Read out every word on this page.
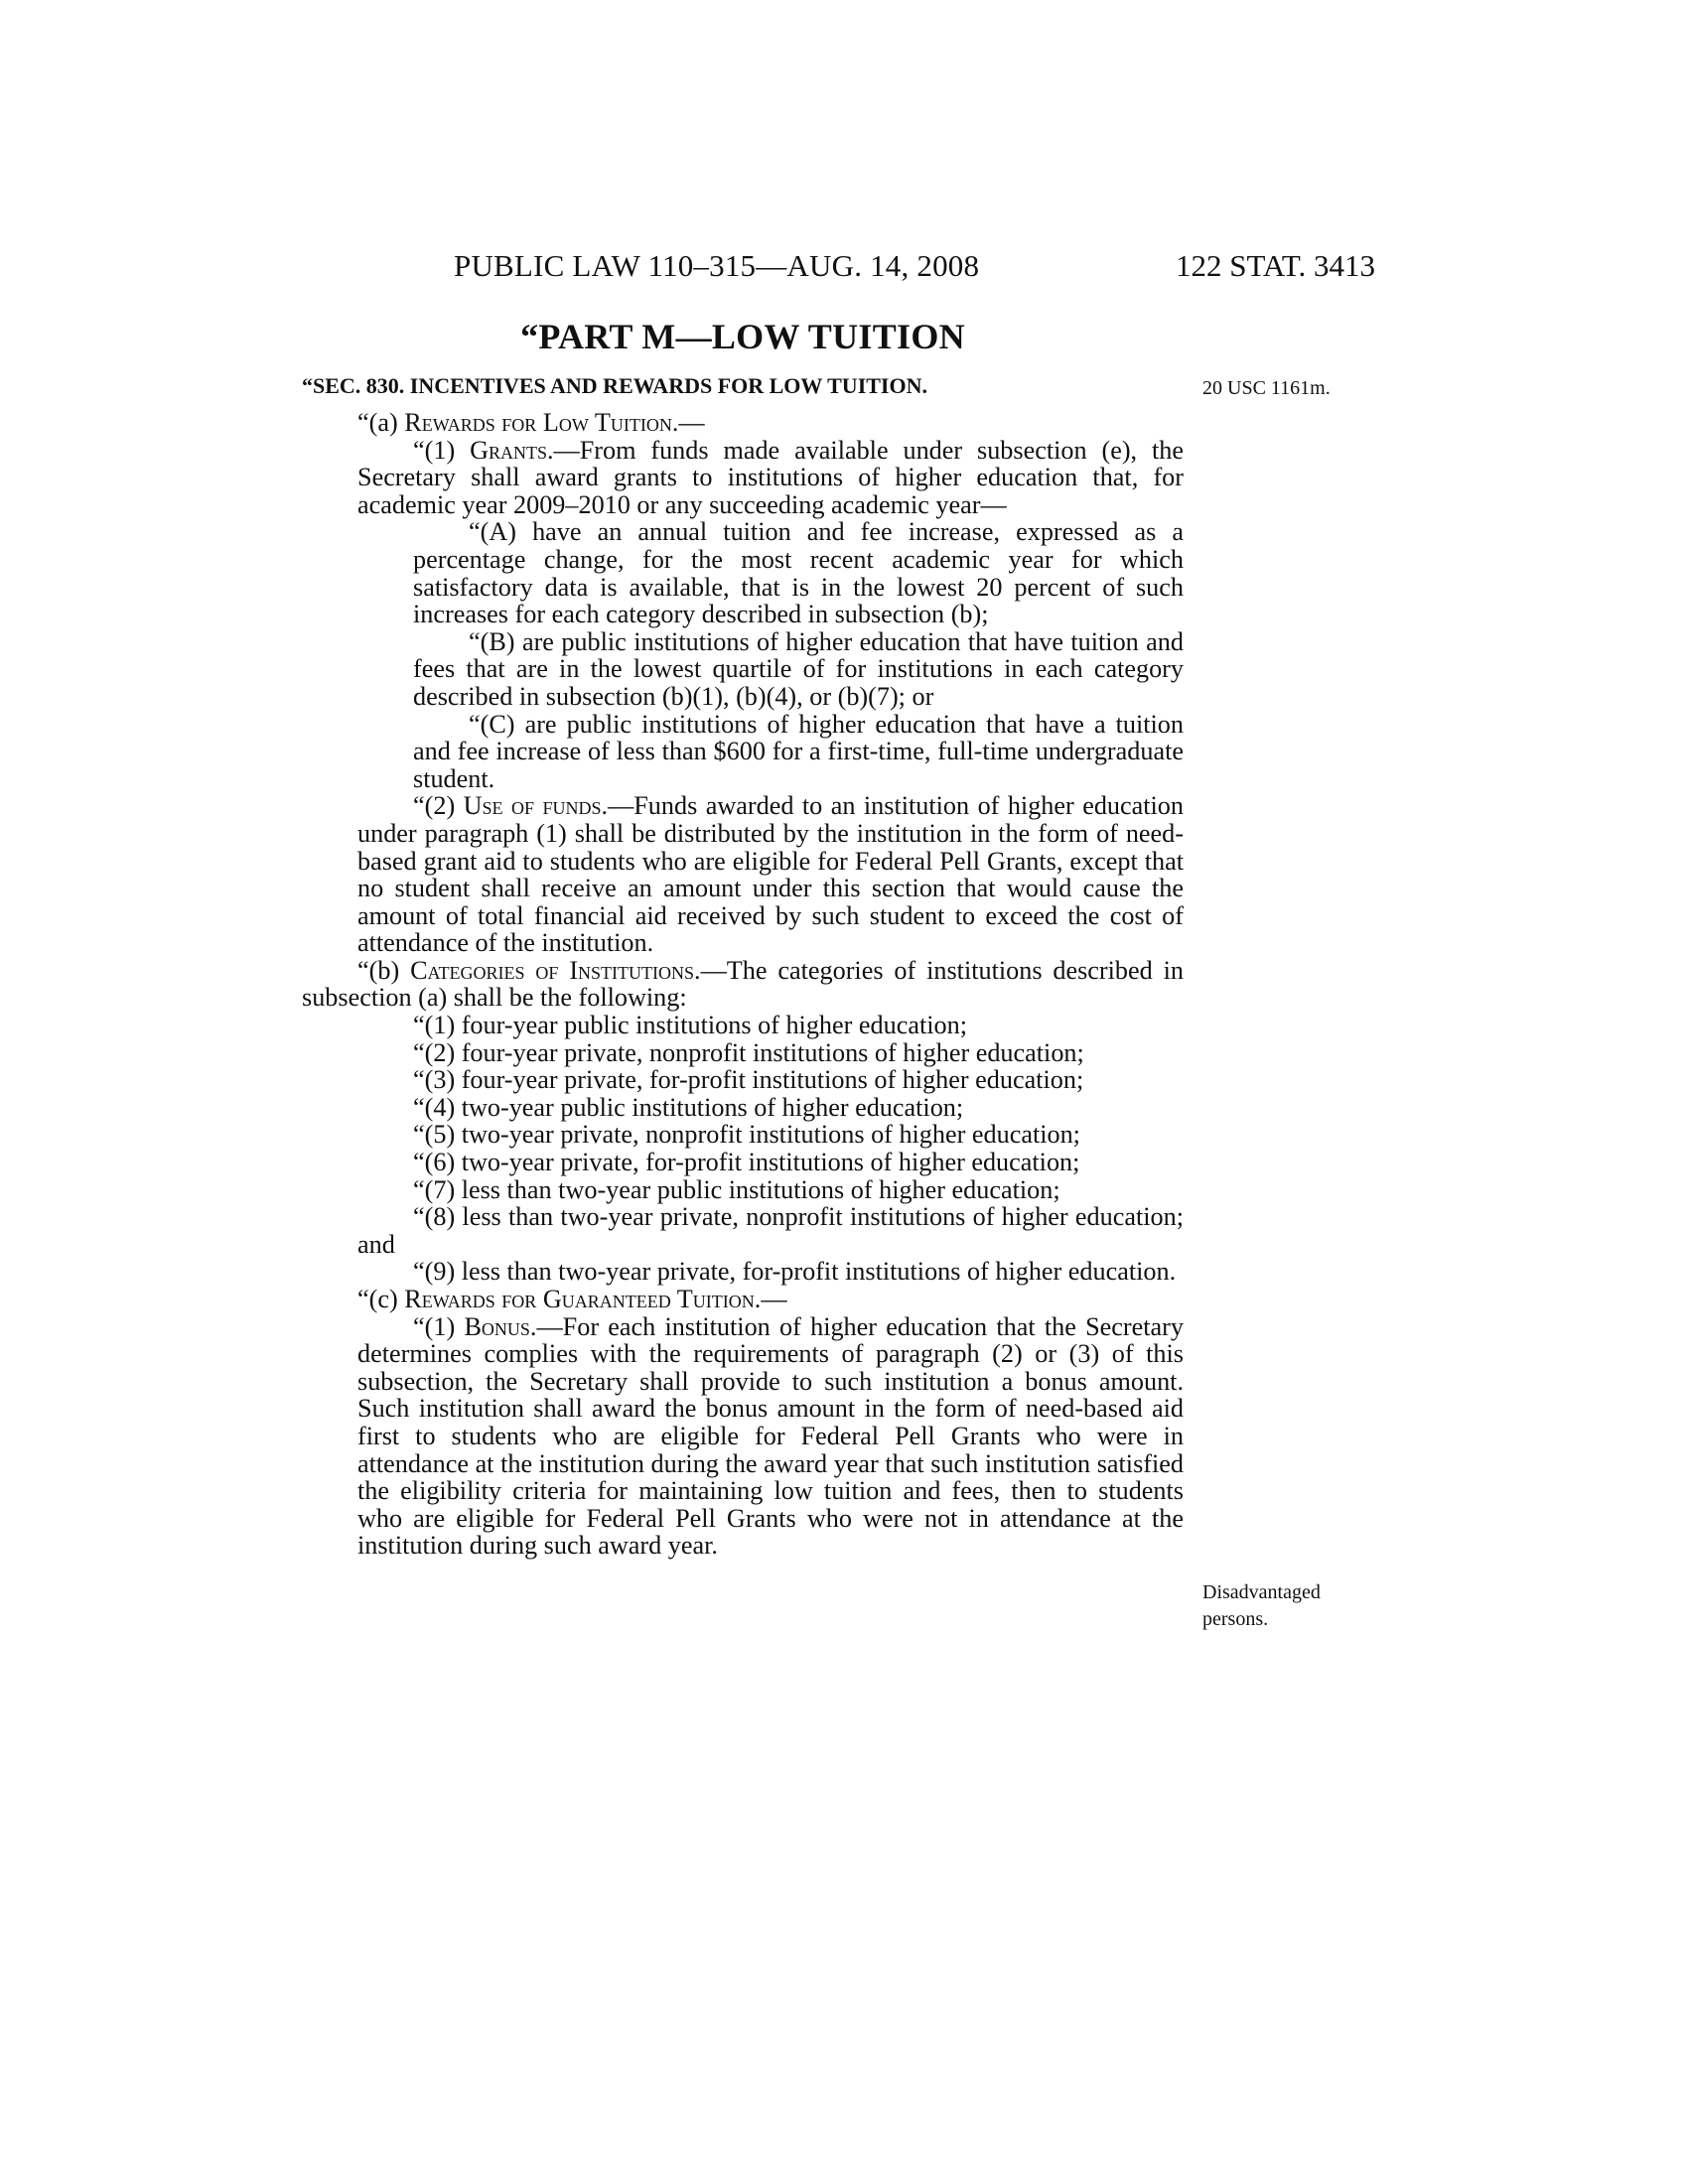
PUBLIC LAW 110–315—AUG. 14, 2008	122 STAT. 3413
“PART M—LOW TUITION
“SEC. 830. INCENTIVES AND REWARDS FOR LOW TUITION.	20 USC 1161m.
Disadvantaged persons.

“(a) Rewards for Low Tuition.—

“(1) Grants.—From funds made available under subsection (e), the Secretary shall award grants to institutions of higher education that, for academic year 2009–2010 or any succeeding academic year—

“(A) have an annual tuition and fee increase, expressed as a percentage change, for the most recent academic year for which satisfactory data is available, that is in the lowest 20 percent of such increases for each category described in subsection (b);

“(B) are public institutions of higher education that have tuition and fees that are in the lowest quartile of for institutions in each category described in subsection (b)(1), (b)(4), or (b)(7); or

“(C) are public institutions of higher education that have a tuition and fee increase of less than $600 for a first-time, full-time undergraduate student.

“(2) Use of funds.—Funds awarded to an institution of higher education under paragraph (1) shall be distributed by the institution in the form of need-based grant aid to students who are eligible for Federal Pell Grants, except that no student shall receive an amount under this section that would cause the amount of total financial aid received by such student to exceed the cost of attendance of the institution.

“(b) Categories of Institutions.—The categories of institutions described in subsection (a) shall be the following:

“(1) four-year public institutions of higher education;

“(2) four-year private, nonprofit institutions of higher education;

“(3) four-year private, for-profit institutions of higher education;

“(4) two-year public institutions of higher education;

“(5) two-year private, nonprofit institutions of higher education;

“(6) two-year private, for-profit institutions of higher education;

“(7) less than two-year public institutions of higher education;

“(8) less than two-year private, nonprofit institutions of higher education; and

“(9) less than two-year private, for-profit institutions of higher education.

“(c) Rewards for Guaranteed Tuition.—

“(1) Bonus.—For each institution of higher education that the Secretary determines complies with the requirements of paragraph (2) or (3) of this subsection, the Secretary shall provide to such institution a bonus amount. Such institution shall award the bonus amount in the form of need-based aid first to students who are eligible for Federal Pell Grants who were in attendance at the institution during the award year that such institution satisfied the eligibility criteria for maintaining low tuition and fees, then to students who are eligible for Federal Pell Grants who were not in attendance at the institution during such award year.
